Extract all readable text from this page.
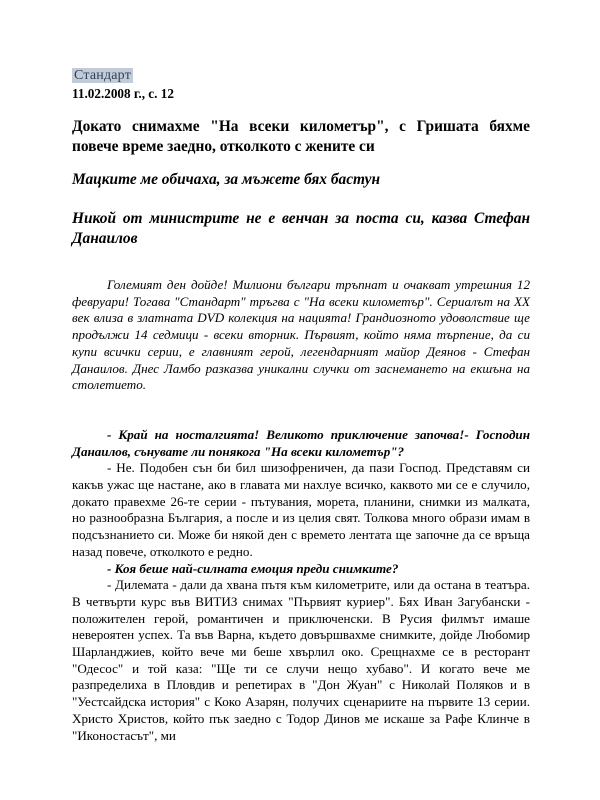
Стандарт
11.02.2008 г., с. 12
Докато снимахме "На всеки километър", с Гришата бяхме повече време заедно, отколкото с жените си
Мацките ме обичаха, за мъжете бях бастун
Никой от министрите не е венчан за поста си, казва Стефан Данаилов
Големият ден дойде! Милиони българи тръпнат и очакват утрешния 12 февруари! Тогава "Стандарт" тръгва с "На всеки километър". Сериалът на ХХ век влиза в златната DVD колекция на нацията! Грандиозното удоволствие ще продължи 14 седмици - всеки вторник. Първият, който няма търпение, да си купи всички серии, е главният герой, легендарният майор Деянов - Стефан Данаилов. Днес Ламбо разказва уникални случки от заснемането на екшъна на столетието.

- Край на носталгията! Великото приключение започва!- Господин Данаилов, сънувате ли понякога "На всеки километър"?

- Не. Подобен сън би бил шизофреничен, да пази Господ. Представям си какъв ужас ще настане, ако в главата ми нахлуе всичко, каквото ми се е случило, докато правехме 26-те серии - пътувания, морета, планини, снимки из малката, но разнообразна България, а после и из целия свят. Толкова много образи имам в подсъзнанието си. Може би някой ден с времето лентата ще започне да се връща назад повече, отколкото е редно.

- Коя беше най-силната емоция преди снимките?

- Дилемата - дали да хвана пътя към километрите, или да остана в театъра. В четвърти курс във ВИТИЗ снимах "Първият куриер". Бях Иван Загубански - положителен герой, романтичен и приключенски. В Русия филмът имаше невероятен успех. Та във Варна, където довършвахме снимките, дойде Любомир Шарланджиев, който вече ми беше хвърлил око. Срещнахме се в ресторант "Одесос" и той каза: "Ще ти се случи нещо хубаво". И когато вече ме разпределиха в Пловдив и репетирах в "Дон Жуан" с Николай Поляков и в "Уестсайдска история" с Коко Азарян, получих сценариите на първите 13 серии. Христо Христов, който пък заедно с Тодор Динов ме искаше за Рафе Клинче в "Иконостасът", ми
